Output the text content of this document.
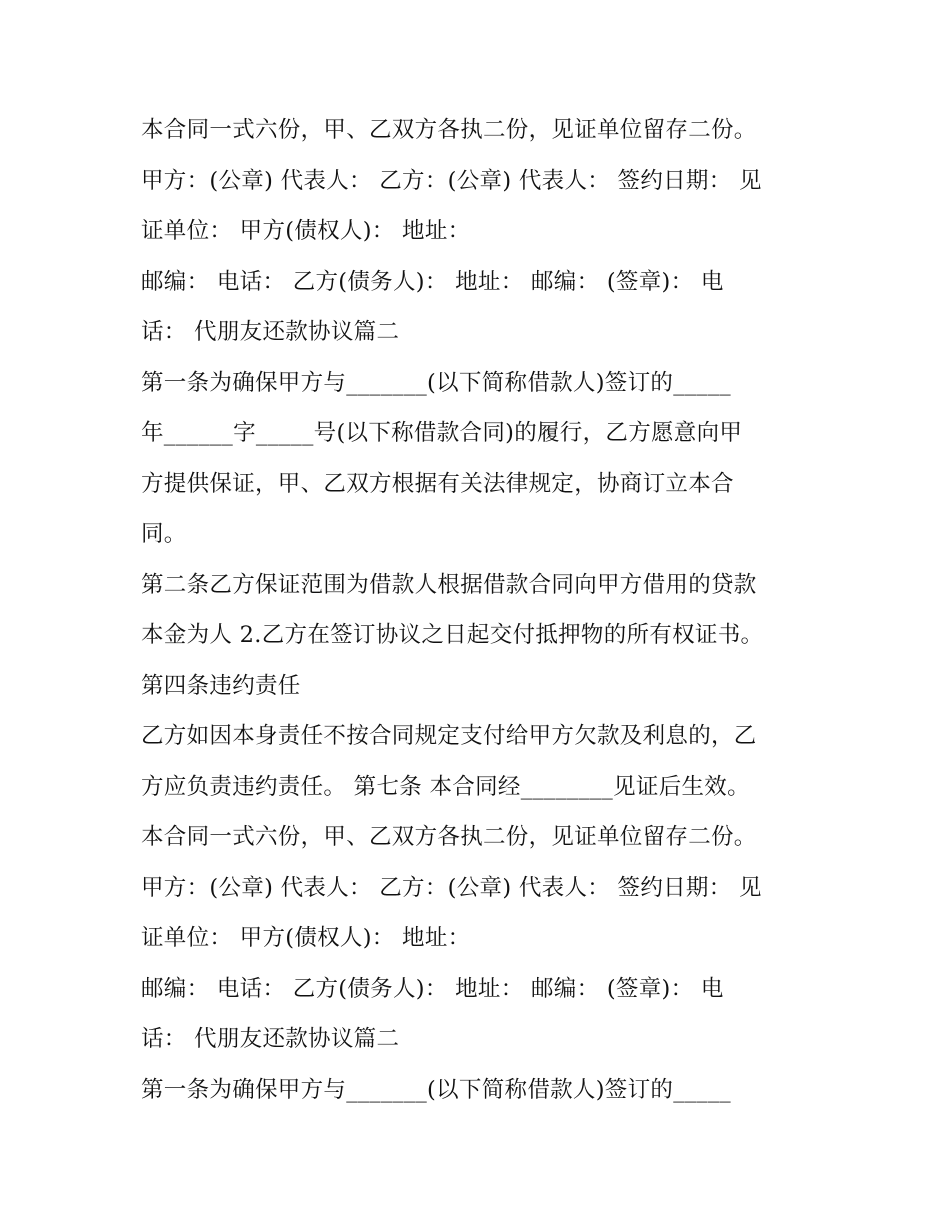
本合同一式六份，甲、乙双方各执二份，见证单位留存二份。
甲方：(公章) 代表人： 乙方：(公章) 代表人： 签约日期： 见
证单位： 甲方(债权人)： 地址：
邮编： 电话： 乙方(债务人)： 地址： 邮编： (签章)： 电
话： 代朋友还款协议篇二
第一条为确保甲方与_______(以下简称借款人)签订的_____
年______字_____号(以下称借款合同)的履行，乙方愿意向甲
方提供保证，甲、乙双方根据有关法律规定，协商订立本合
同。
第二条乙方保证范围为借款人根据借款合同向甲方借用的贷款
本金为人 2.乙方在签订协议之日起交付抵押物的所有权证书。
第四条违约责任
乙方如因本身责任不按合同规定支付给甲方欠款及利息的，乙
方应负责违约责任。 第七条 本合同经________见证后生效。
本合同一式六份，甲、乙双方各执二份，见证单位留存二份。
甲方：(公章) 代表人： 乙方：(公章) 代表人： 签约日期： 见
证单位： 甲方(债权人)： 地址：
邮编： 电话： 乙方(债务人)： 地址： 邮编： (签章)： 电
话： 代朋友还款协议篇二
第一条为确保甲方与_______(以下简称借款人)签订的_____
